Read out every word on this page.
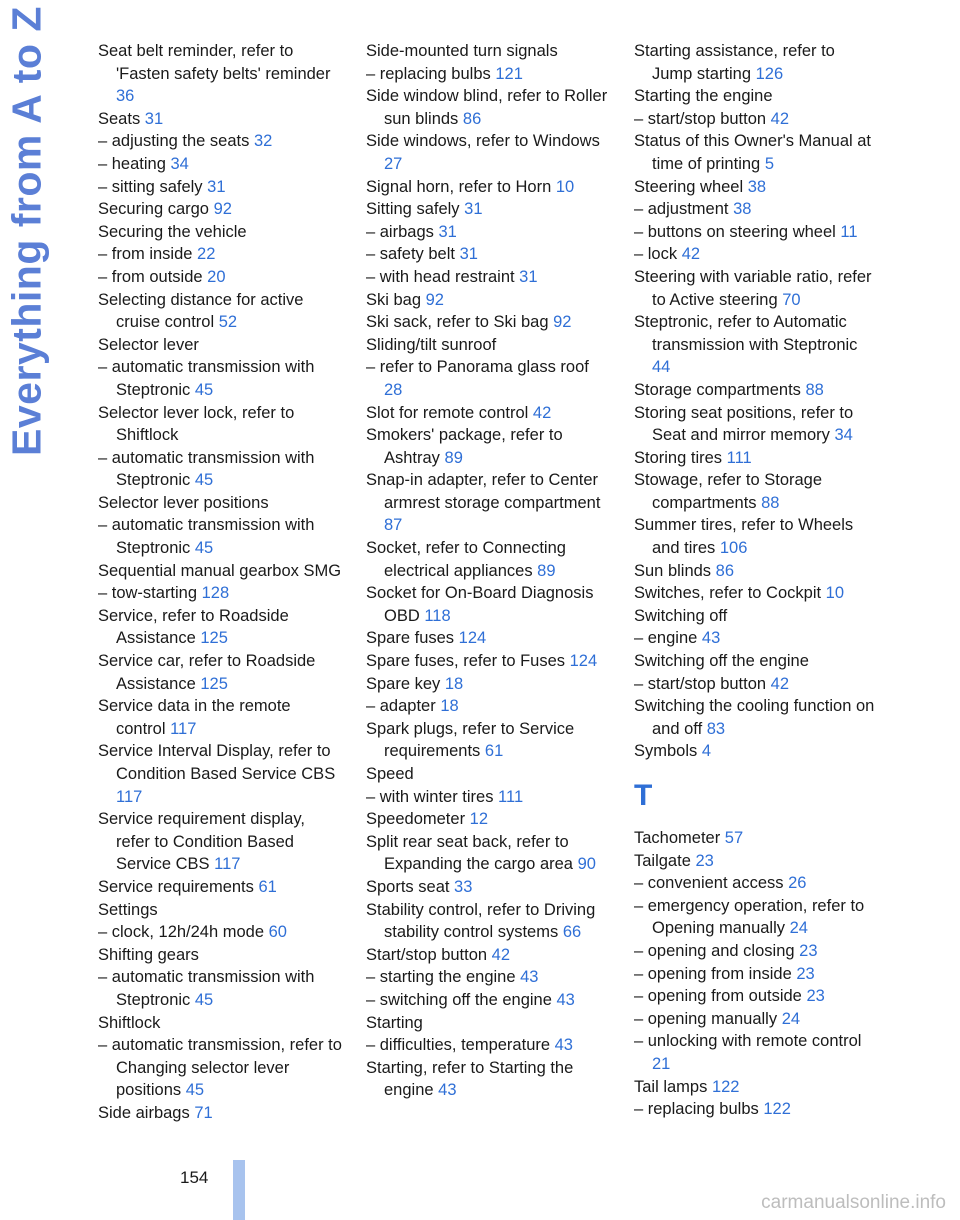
Everything from A to Z	Seat belt reminder, refer to 'Fasten safety belts' reminder 36

Seats 31

– adjusting the seats 32

– heating 34

– sitting safely 31

Securing cargo 92

Securing the vehicle

– from inside 22

– from outside 20

Selecting distance for active cruise control 52

Selector lever

– automatic transmission with Steptronic 45

Selector lever lock, refer to Shiftlock

– automatic transmission with Steptronic 45

Selector lever positions

– automatic transmission with Steptronic 45

Sequential manual gearbox SMG

– tow-starting 128

Service, refer to Roadside Assistance 125

Service car, refer to Roadside Assistance 125

Service data in the remote control 117

Service Interval Display, refer to Condition Based Service CBS 117

Service requirement display, refer to Condition Based Service CBS 117

Service requirements 61

Settings

– clock, 12h/24h mode 60

Shifting gears

– automatic transmission with Steptronic 45

Shiftlock

– automatic transmission, refer to Changing selector lever positions 45

Side airbags 71

Side-mounted turn signals

– replacing bulbs 121

Side window blind, refer to Roller sun blinds 86

Side windows, refer to Windows 27

Signal horn, refer to Horn 10

Sitting safely 31

– airbags 31

– safety belt 31

– with head restraint 31

Ski bag 92

Ski sack, refer to Ski bag 92

Sliding/tilt sunroof

– refer to Panorama glass roof 28

Slot for remote control 42

Smokers' package, refer to Ashtray 89

Snap-in adapter, refer to Center armrest storage compartment 87

Socket, refer to Connecting electrical appliances 89

Socket for On-Board Diagnosis OBD 118

Spare fuses 124

Spare fuses, refer to Fuses 124

Spare key 18

– adapter 18

Spark plugs, refer to Service requirements 61

Speed

– with winter tires 111

Speedometer 12

Split rear seat back, refer to Expanding the cargo area 90

Sports seat 33

Stability control, refer to Driving stability control systems 66

Start/stop button 42

– starting the engine 43

– switching off the engine 43

Starting

– difficulties, temperature 43

Starting, refer to Starting the engine 43

Starting assistance, refer to Jump starting 126

Starting the engine

– start/stop button 42

Status of this Owner's Manual at time of printing 5

Steering wheel 38

– adjustment 38

– buttons on steering wheel 11

– lock 42

Steering with variable ratio, refer to Active steering 70

Steptronic, refer to Automatic transmission with Steptronic 44

Storage compartments 88

Storing seat positions, refer to Seat and mirror memory 34

Storing tires 111

Stowage, refer to Storage compartments 88

Summer tires, refer to Wheels and tires 106

Sun blinds 86

Switches, refer to Cockpit 10

Switching off

– engine 43

Switching off the engine

– start/stop button 42

Switching the cooling function on and off 83

Symbols 4

T

Tachometer 57

Tailgate 23

– convenient access 26

– emergency operation, refer to Opening manually 24

– opening and closing 23

– opening from inside 23

– opening from outside 23

– opening manually 24

– unlocking with remote control 21

Tail lamps 122

– replacing bulbs 122

154
carmanualsonline.info
